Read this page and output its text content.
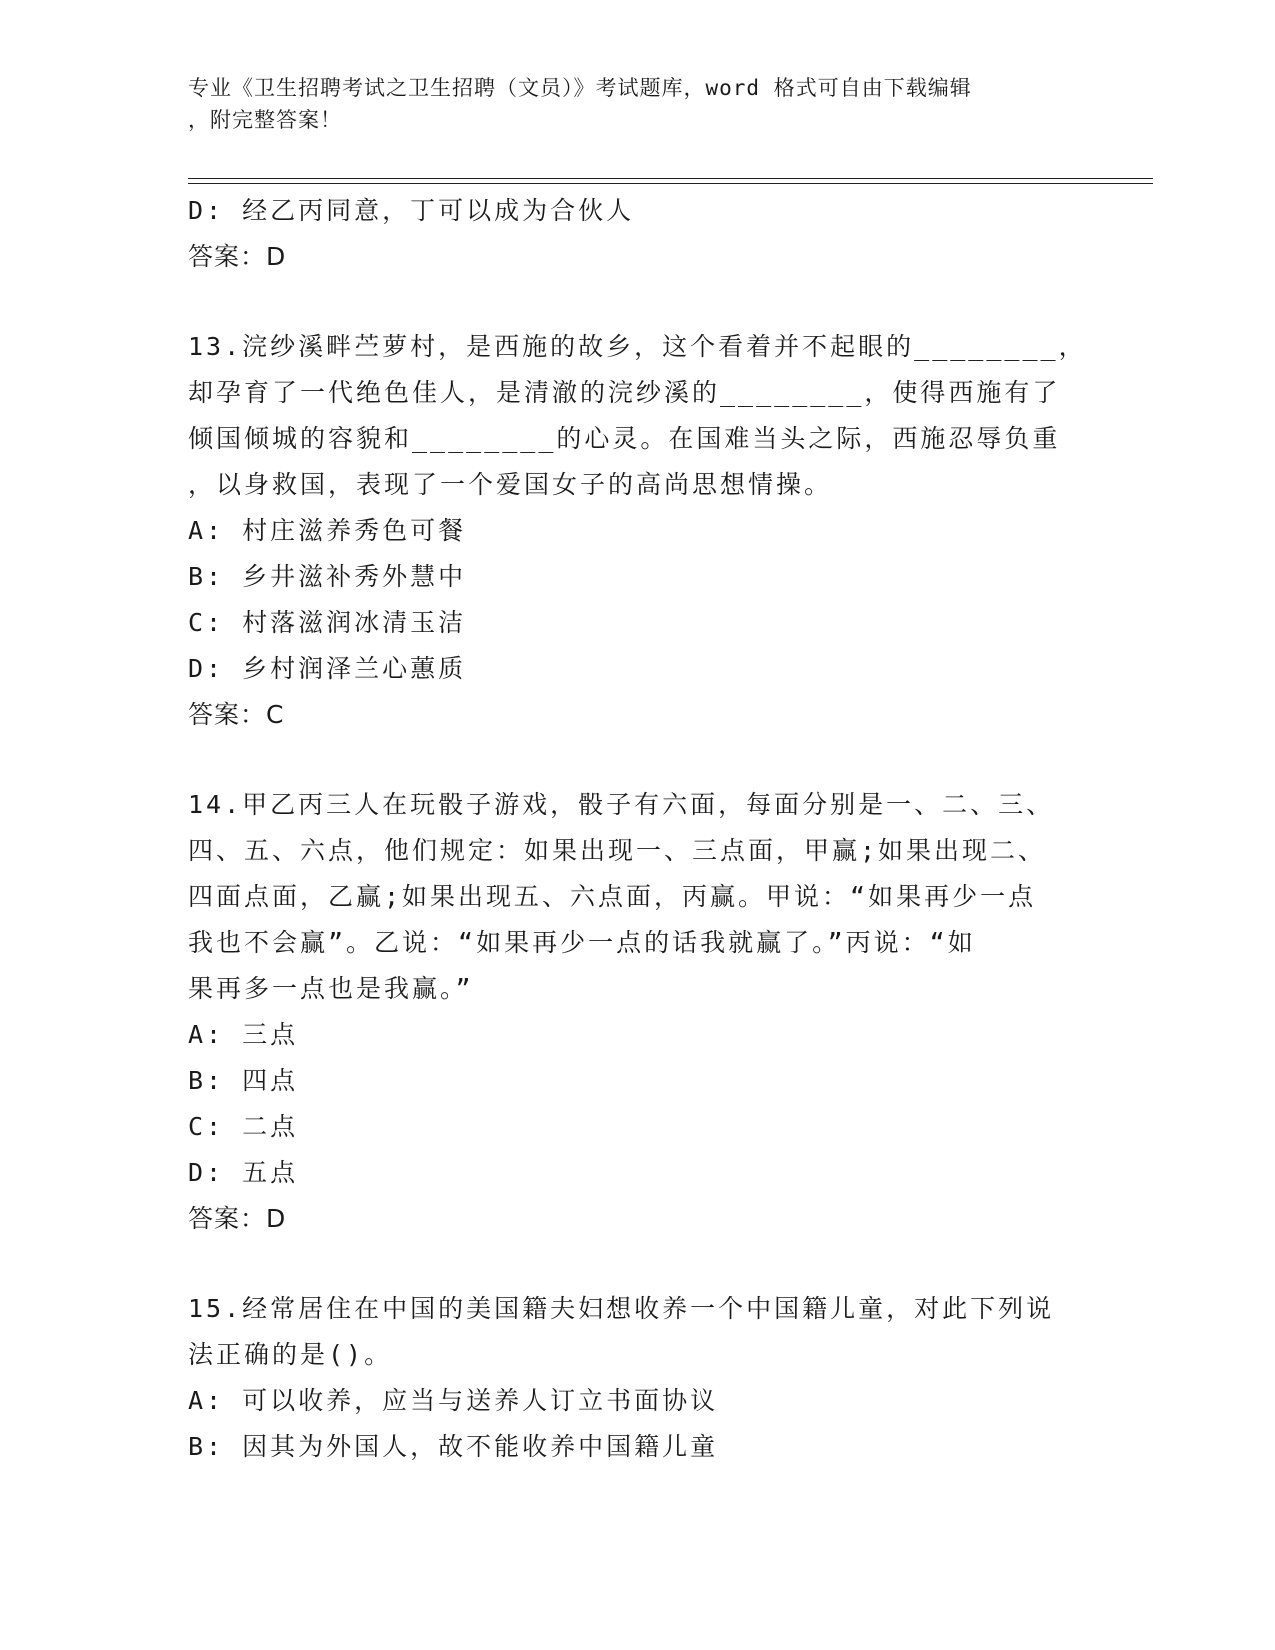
专业《卫生招聘考试之卫生招聘（文员）》考试题库，word 格式可自由下载编辑
，附完整答案！
D: 经乙丙同意，丁可以成为合伙人
答案：D
13.浣纱溪畔苎萝村，是西施的故乡，这个看着并不起眼的________，
却孕育了一代绝色佳人，是清澈的浣纱溪的________，使得西施有了
倾国倾城的容貌和________的心灵。在国难当头之际，西施忍辱负重
，以身救国，表现了一个爱国女子的高尚思想情操。
A: 村庄滋养秀色可餐
B: 乡井滋补秀外慧中
C: 村落滋润冰清玉洁
D: 乡村润泽兰心蕙质
答案：C
14.甲乙丙三人在玩骰子游戏，骰子有六面，每面分别是一、二、三、
四、五、六点，他们规定：如果出现一、三点面，甲赢;如果出现二、
四面点面，乙赢;如果出现五、六点面，丙赢。甲说：“如果再少一点
我也不会赢”。乙说：“如果再少一点的话我就赢了。”丙说：“如
果再多一点也是我赢。”
A: 三点
B: 四点
C: 二点
D: 五点
答案：D
15.经常居住在中国的美国籍夫妇想收养一个中国籍儿童，对此下列说
法正确的是()。
A: 可以收养，应当与送养人订立书面协议
B: 因其为外国人，故不能收养中国籍儿童
